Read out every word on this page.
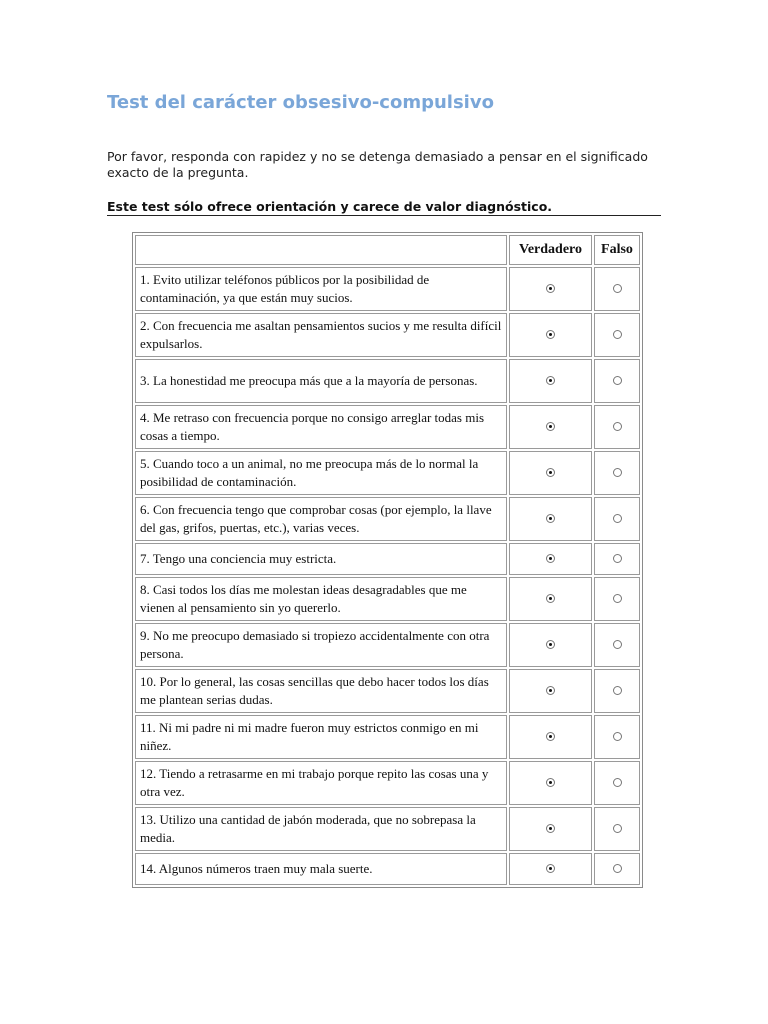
Test del carácter obsesivo-compulsivo

Por favor, responda con rapidez y no se detenga demasiado a pensar en el significado exacto de la pregunta.

Este test sólo ofrece orientación y carece de valor diagnóstico.

	Verdadero	Falso
1. Evito utilizar teléfonos públicos por la posibilidad de contaminación, ya que están muy sucios.		
2. Con frecuencia me asaltan pensamientos sucios y me resulta difícil expulsarlos.		
3. La honestidad me preocupa más que a la mayoría de personas.		
4. Me retraso con frecuencia porque no consigo arreglar todas mis cosas a tiempo.		
5. Cuando toco a un animal, no me preocupa más de lo normal la posibilidad de contaminación.		
6. Con frecuencia tengo que comprobar cosas (por ejemplo, la llave del gas, grifos, puertas, etc.), varias veces.		
7. Tengo una conciencia muy estricta.		
8. Casi todos los días me molestan ideas desagradables que me vienen al pensamiento sin yo quererlo.		
9. No me preocupo demasiado si tropiezo accidentalmente con otra persona.		
10. Por lo general, las cosas sencillas que debo hacer todos los días me plantean serias dudas.		
11. Ni mi padre ni mi madre fueron muy estrictos conmigo en mi niñez.		
12. Tiendo a retrasarme en mi trabajo porque repito las cosas una y otra vez.		
13. Utilizo una cantidad de jabón moderada, que no sobrepasa la media.		
14. Algunos números traen muy mala suerte.		
